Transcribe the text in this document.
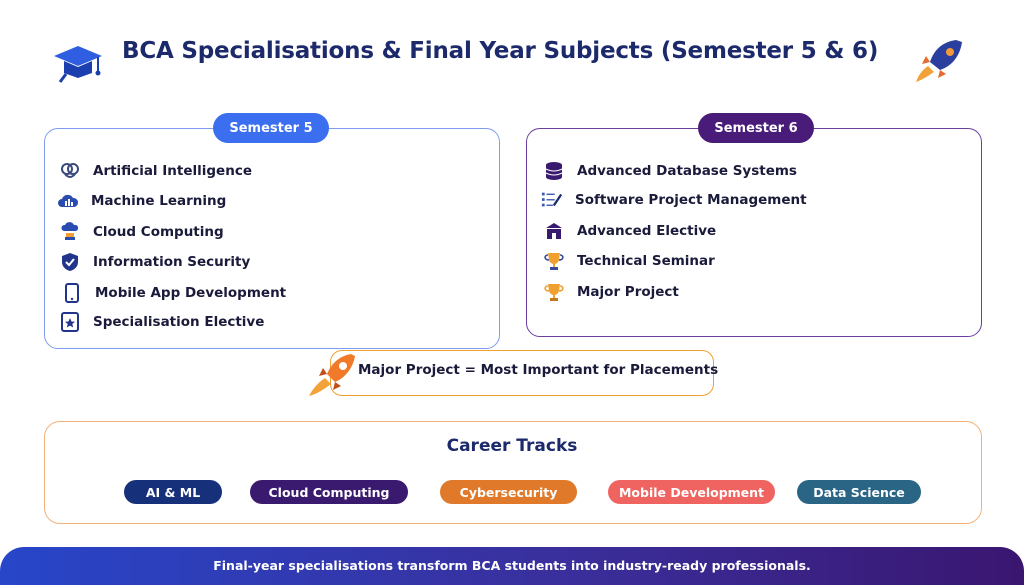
BCA Specialisations & Final Year Subjects (Semester 5 & 6)
Semester 5
Artificial Intelligence
Machine Learning
Cloud Computing
Information Security
Mobile App Development
Specialisation Elective
Semester 6
Advanced Database Systems
Software Project Management
Advanced Elective
Technical Seminar
Major Project
Major Project = Most Important for Placements
Career Tracks
AI & ML	Cloud Computing	Cybersecurity	Mobile Development	Data Science
Final-year specialisations transform BCA students into industry-ready professionals.
